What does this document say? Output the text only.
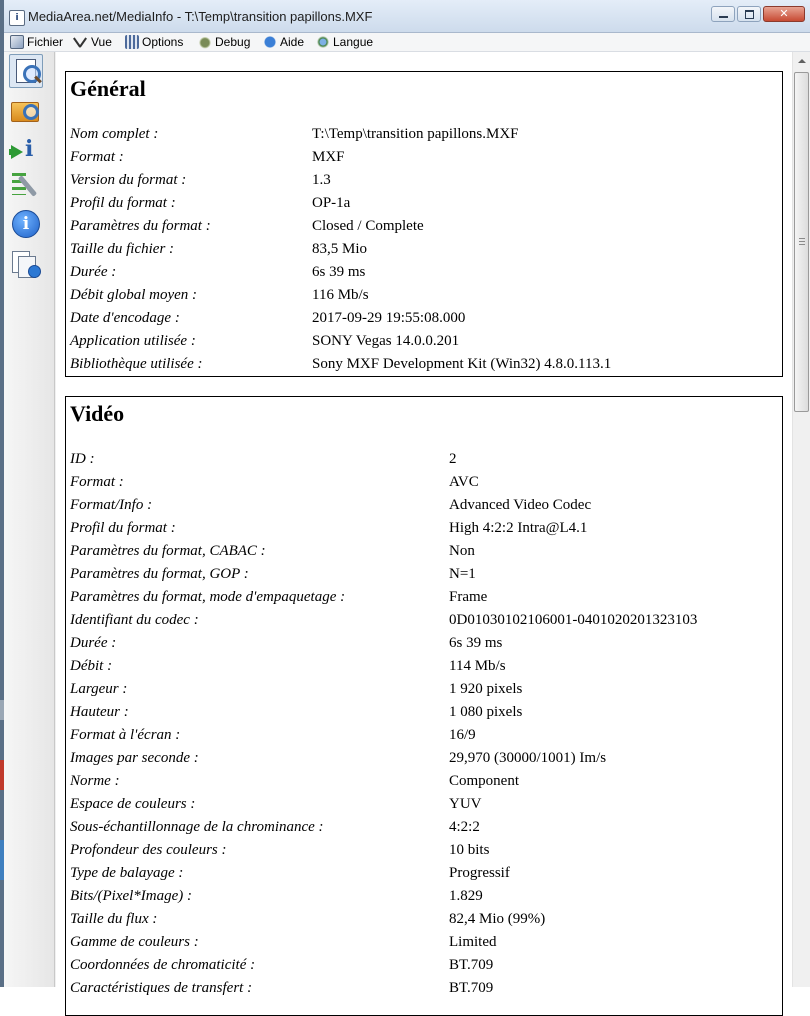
i MediaArea.net/MediaInfo - T:\Temp\transition papillons.MXF	✕
Fichier Vue	Options	Debug Aide Langue
i
i
Général
Nom complet :	T:\Temp\transition papillons.MXF
Format :	MXF
Version du format :	1.3
Profil du format :	OP-1a
Paramètres du format :	Closed / Complete
Taille du fichier :	83,5 Mio
Durée :	6s 39 ms
Débit global moyen :	116 Mb/s
Date d'encodage :	2017-09-29 19:55:08.000
Application utilisée :	SONY Vegas 14.0.0.201
Bibliothèque utilisée :	Sony MXF Development Kit (Win32) 4.8.0.113.1
Vidéo
ID :	2
Format :	AVC
Format/Info :	Advanced Video Codec
Profil du format :	High 4:2:2 Intra@L4.1
Paramètres du format, CABAC :	Non
Paramètres du format, GOP :	N=1
Paramètres du format, mode d'empaquetage :	Frame
Identifiant du codec :	0D01030102106001-0401020201323103
Durée :	6s 39 ms
Débit :	114 Mb/s
Largeur :	1 920 pixels
Hauteur :	1 080 pixels
Format à l'écran :	16/9
Images par seconde :	29,970 (30000/1001) Im/s
Norme :	Component
Espace de couleurs :	YUV
Sous-échantillonnage de la chrominance :	4:2:2
Profondeur des couleurs :	10 bits
Type de balayage :	Progressif
Bits/(Pixel*Image) :	1.829
Taille du flux :	82,4 Mio (99%)
Gamme de couleurs :	Limited
Coordonnées de chromaticité :	BT.709
Caractéristiques de transfert :	BT.709
